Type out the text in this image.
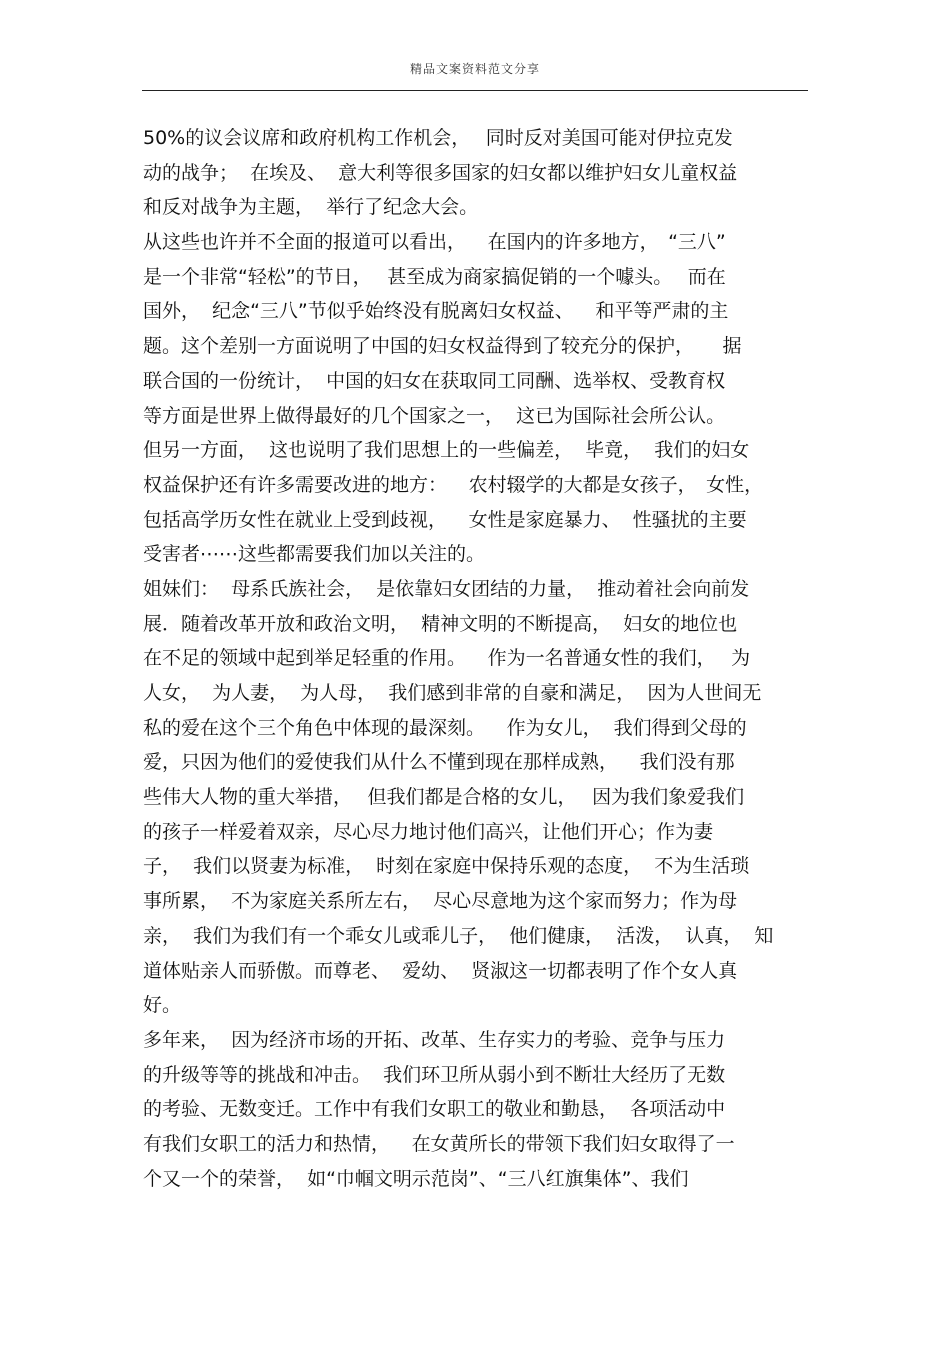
精品文案资料范文分享
50%的议会议席和政府机构工作机会，　 同时反对美国可能对伊拉克发
动的战争；  在埃及、  意大利等很多国家的妇女都以维护妇女儿童权益
和反对战争为主题，  举行了纪念大会。
从这些也许并不全面的报道可以看出，　  在国内的许多地方，　“三八”
是一个非常“轻松”的节日，　 甚至成为商家搞促销的一个噱头。　 而在
国外，  纪念“三八”节似乎始终没有脱离妇女权益、　  和平等严肃的主
题。这个差别一方面说明了中国的妇女权益得到了较充分的保护，　　据
联合国的一份统计，  中国的妇女在获取同工同酬、选举权、受教育权
等方面是世界上做得最好的几个国家之一，  这已为国际社会所公认。
但另一方面，  这也说明了我们思想上的一些偏差，  毕竟，  我们的妇女
权益保护还有许多需要改进的地方：　  农村辍学的大都是女孩子，　女性，
包括高学历女性在就业上受到歧视，　  女性是家庭暴力、  性骚扰的主要
受害者⋯⋯这些都需要我们加以关注的。
姐妹们：  母系氏族社会，  是依靠妇女团结的力量，  推动着社会向前发
展．随着改革开放和政治文明，  精神文明的不断提高，  妇女的地位也
在不足的领域中起到举足轻重的作用。　  作为一名普通女性的我们，　 为
人女，  为人妻，  为人母，  我们感到非常的自豪和满足，  因为人世间无
私的爱在这个三个角色中体现的最深刻。　  作为女儿，  我们得到父母的
爱，只因为他们的爱使我们从什么不懂到现在那样成熟，　  我们没有那
些伟大人物的重大举措，　 但我们都是合格的女儿，　 因为我们象爱我们
的孩子一样爱着双亲，尽心尽力地讨他们高兴，让他们开心；作为妻
子，  我们以贤妻为标准，  时刻在家庭中保持乐观的态度，  不为生活琐
事所累，  不为家庭关系所左右，  尽心尽意地为这个家而努力；作为母
亲，  我们为我们有一个乖女儿或乖儿子，  他们健康，  活泼，  认真，  知
道体贴亲人而骄傲。而尊老、  爱幼、  贤淑这一切都表明了作个女人真
好。
多年来，  因为经济市场的开拓、改革、生存实力的考验、竞争与压力
的升级等等的挑战和冲击。  我们环卫所从弱小到不断壮大经历了无数
的考验、无数变迁。工作中有我们女职工的敬业和勤恳，  各项活动中
有我们女职工的活力和热情，　  在女黄所长的带领下我们妇女取得了一
个又一个的荣誉，  如“巾帼文明示范岗”、“三八红旗集体”、我们
